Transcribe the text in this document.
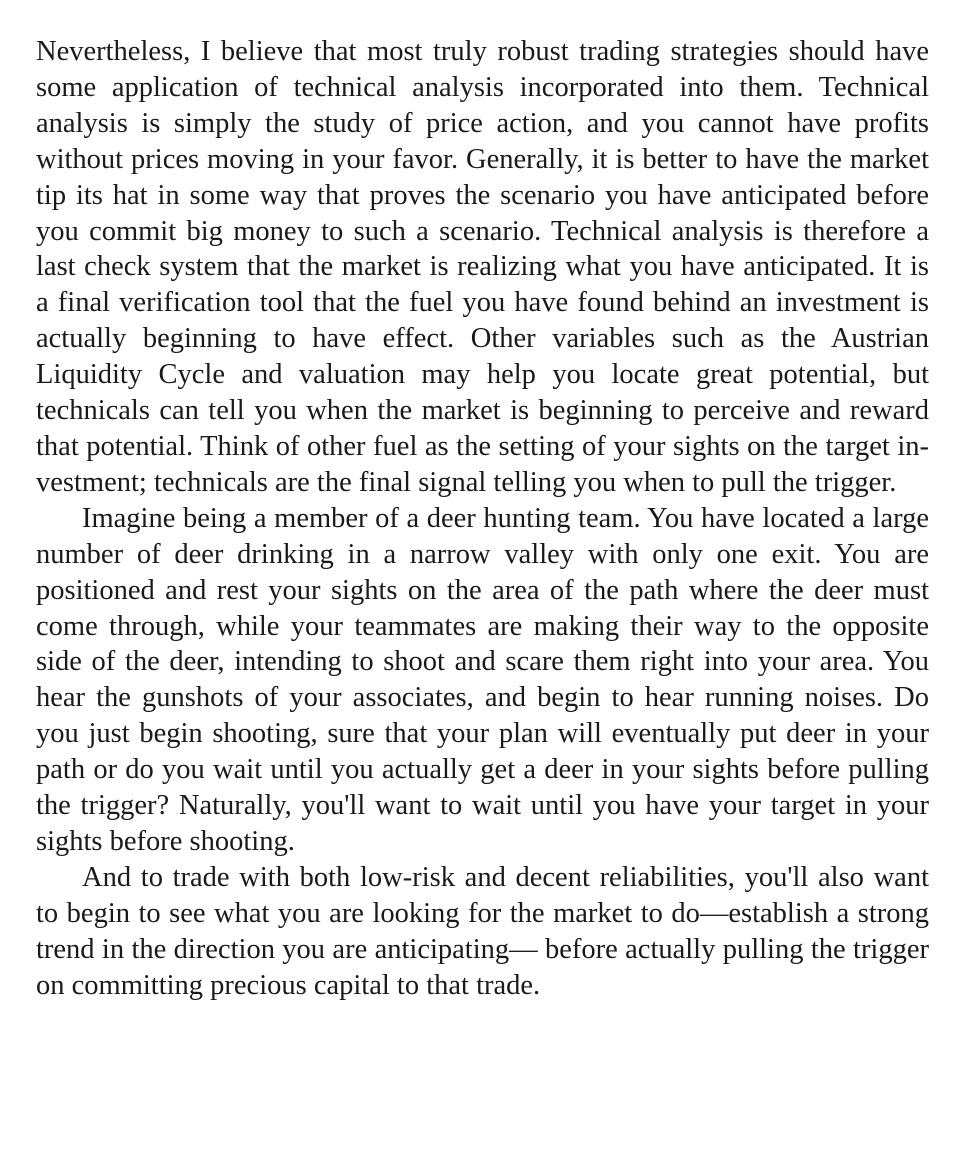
Nevertheless, I believe that most truly robust trading strategies should have some application of technical analysis incorporated into them. Technical analysis is simply the study of price action, and you cannot have profits without prices moving in your favor. Generally, it is better to have the market tip its hat in some way that proves the scenario you have anticipated before you commit big money to such a scenario. Technical analysis is therefore a last check system that the market is realizing what you have anticipated. It is a final verification tool that the fuel you have found behind an investment is actually beginning to have effect. Other variables such as the Austrian Liquidity Cycle and valuation may help you locate great potential, but technicals can tell you when the market is beginning to perceive and reward that potential. Think of other fuel as the setting of your sights on the target investment; technicals are the final signal telling you when to pull the trigger.

Imagine being a member of a deer hunting team. You have located a large number of deer drinking in a narrow valley with only one exit. You are positioned and rest your sights on the area of the path where the deer must come through, while your teammates are making their way to the opposite side of the deer, intending to shoot and scare them right into your area. You hear the gunshots of your associates, and begin to hear running noises. Do you just begin shooting, sure that your plan will eventually put deer in your path or do you wait until you actually get a deer in your sights before pulling the trigger? Naturally, you'll want to wait until you have your target in your sights before shooting.

And to trade with both low-risk and decent reliabilities, you'll also want to begin to see what you are looking for the market to do—establish a strong trend in the direction you are anticipating— before actually pulling the trigger on committing precious capital to that trade.
